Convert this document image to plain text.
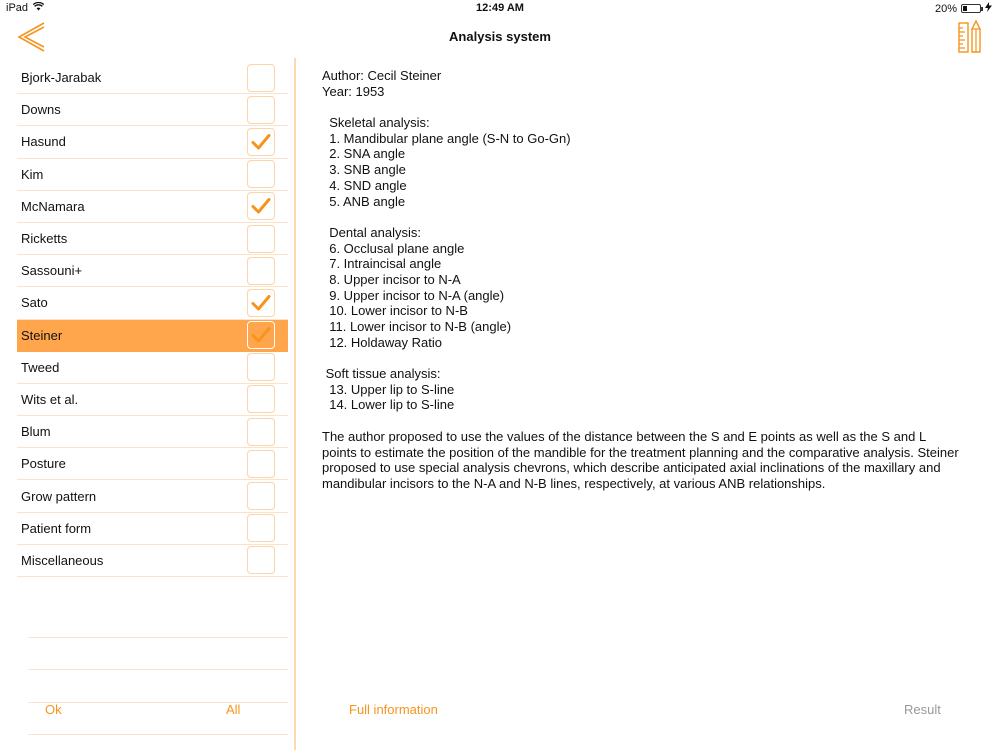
iPad	12:49 AM	20%
Analysis system
Bjork-Jarabak
Downs
Hasund
Kim
McNamara
Ricketts
Sassouni+
Sato
Steiner
Tweed
Wits et al.
Blum
Posture
Grow pattern
Patient form
Miscellaneous
Author: Cecil Steiner
Year: 1953
Skeletal analysis:
1. Mandibular plane angle (S-N to Go-Gn)
2. SNA angle
3. SNB angle
4. SND angle
5. ANB angle
Dental analysis:
6. Occlusal plane angle
7. Intraincisal angle
8. Upper incisor to N-A
9. Upper incisor to N-A (angle)
10. Lower incisor to N-B
11. Lower incisor to N-B (angle)
12. Holdaway Ratio
Soft tissue analysis:
13. Upper lip to S-line
14. Lower lip to S-line
The author proposed to use the values of the distance between the S and E points as well as the S and L points to estimate the position of the mandible for the treatment planning and the comparative analysis. Steiner proposed to use special analysis chevrons, which describe anticipated axial inclinations of the maxillary and mandibular incisors to the N-A and N-B lines, respectively, at various ANB relationships.
Ok	All	Full information	Result
